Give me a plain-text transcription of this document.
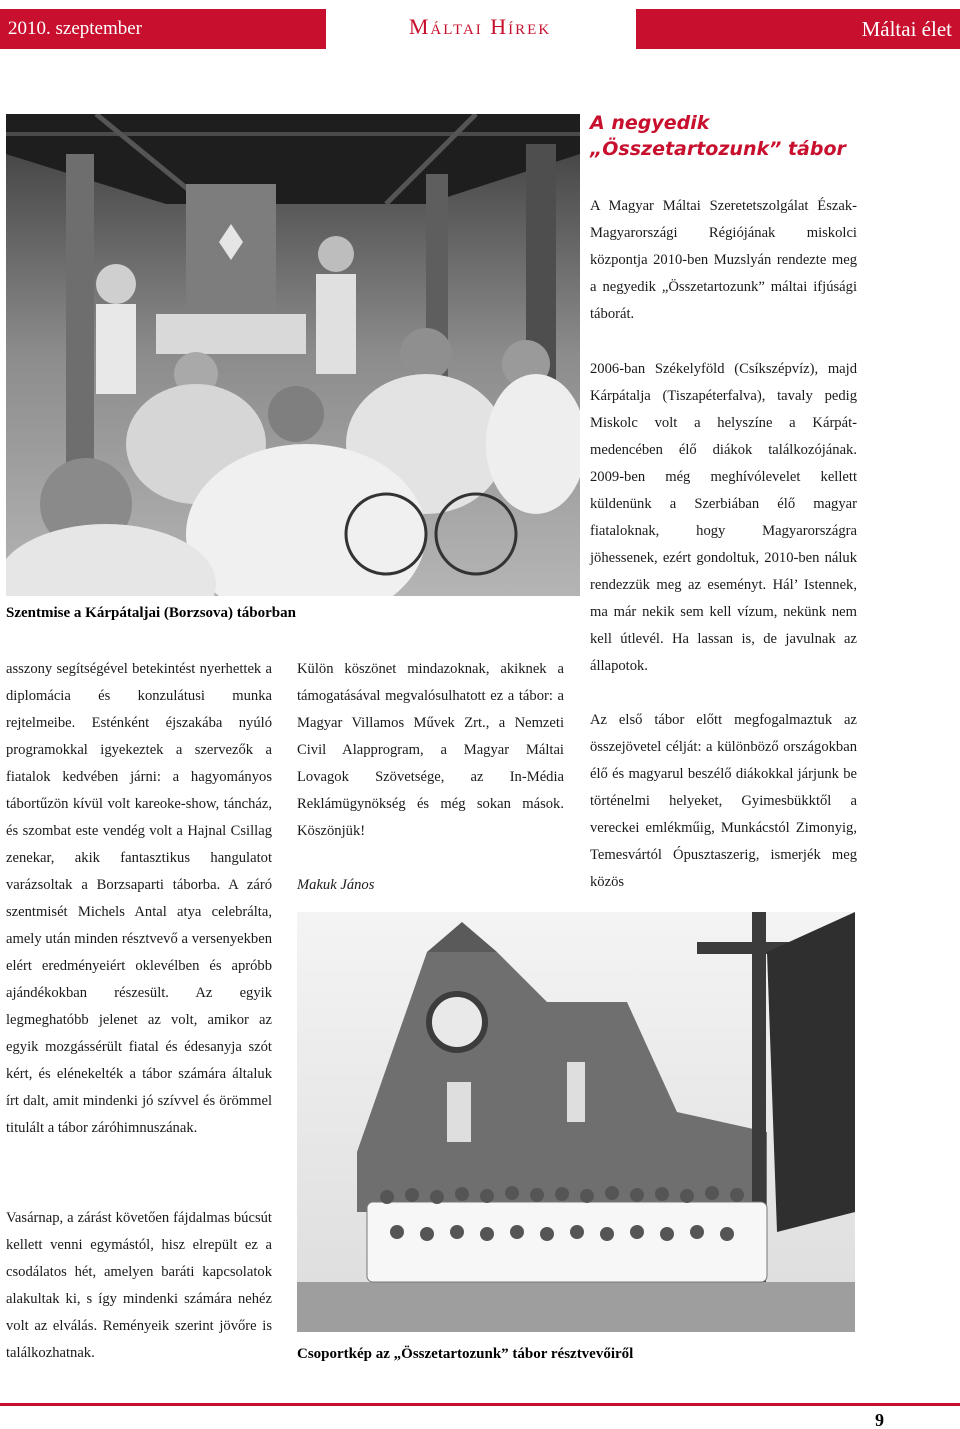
2010. szeptember	Máltai Hírek	Máltai élet
Szentmise a Kárpátaljai (Borzsova) táborban
A negyedik
„Összetartozunk” tábor

A Magyar Máltai Szeretetszolgálat Észak-Magyarországi Régiójának miskolci központja 2010-ben Muzslyán rendezte meg a negyedik „Összetartozunk” máltai ifjúsági táborát.

2006-ban Székelyföld (Csíkszépvíz), majd Kárpátalja (Tiszapéterfalva), tavaly pedig Miskolc volt a helyszíne a Kárpát-medencében élő diákok találkozójának. 2009-ben még meghívólevelet kellett küldenünk a Szerbiában élő magyar fiataloknak, hogy Magyarországra jöhessenek, ezért gondoltuk, 2010-ben náluk rendezzük meg az eseményt. Hál’ Istennek, ma már nekik sem kell vízum, nekünk nem kell útlevél. Ha lassan is, de javulnak az állapotok.

Az első tábor előtt megfogalmaztuk az összejövetel célját: a különböző országokban élő és magyarul beszélő diákokkal járjunk be történelmi helyeket, Gyimesbükktől a vereckei emlékműig, Munkácstól Zimonyig, Temesvártól Ópusztaszerig, ismerjék meg közös

asszony segítségével betekintést nyerhettek a diplomácia és konzulátusi munka rejtelmeibe. Esténként éjszakába nyúló programokkal igyekeztek a szervezők a fiatalok kedvében járni: a hagyományos tábortűzön kívül volt kareoke-show, táncház, és szombat este vendég volt a Hajnal Csillag zenekar, akik fantasztikus hangulatot varázsoltak a Borzsaparti táborba. A záró szentmisét Michels Antal atya celebrálta, amely után minden résztvevő a versenyekben elért eredményeiért oklevélben és apróbb ajándékokban részesült. Az egyik legmeghatóbb jelenet az volt, amikor az egyik mozgássérült fiatal és édesanyja szót kért, és elénekelték a tábor számára általuk írt dalt, amit mindenki jó szívvel és örömmel titulált a tábor záróhimnuszának.

Vasárnap, a zárást követően fájdalmas búcsút kellett venni egymástól, hisz elrepült ez a csodálatos hét, amelyen baráti kapcsolatok alakultak ki, s így mindenki számára nehéz volt az elválás. Reményeik szerint jövőre is találkozhatnak.

Külön köszönet mindazoknak, akiknek a támogatásával megvalósulhatott ez a tábor: a Magyar Villamos Művek Zrt., a Nemzeti Civil Alapprogram, a Magyar Máltai Lovagok Szövetsége, az In-Média Reklámügynökség és még sokan mások. Köszönjük!

Makuk János

Csoportkép az „Összetartozunk” tábor résztvevőiről
9
